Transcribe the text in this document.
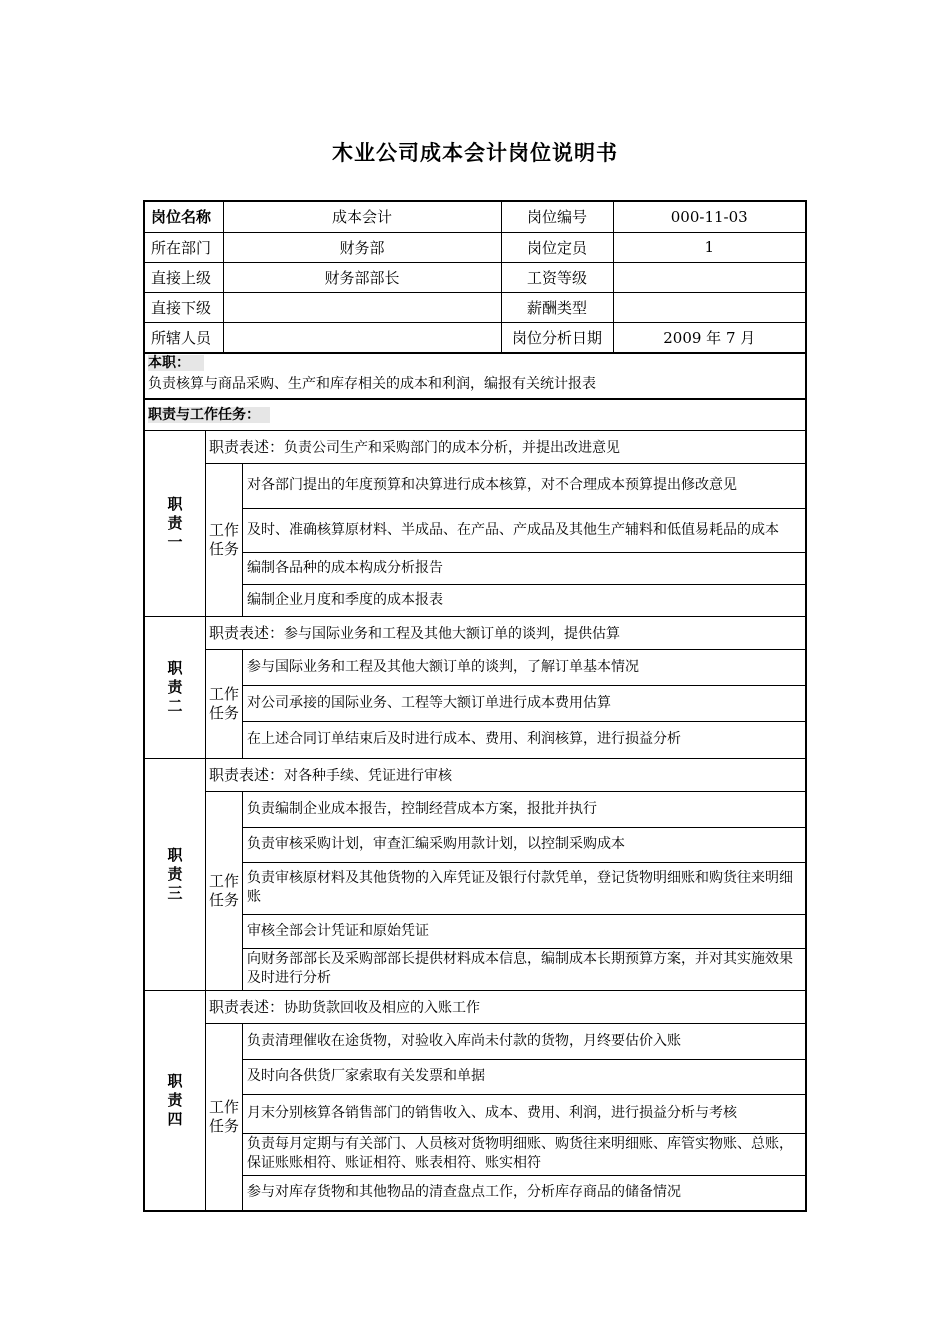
木业公司成本会计岗位说明书
岗位名称	成本会计	岗位编号	000-11-03
所在部门	财务部	岗位定员	1
直接上级	财务部部长	工资等级	
直接下级		薪酬类型	
所辖人员		岗位分析日期	2009 年 7 月
本职：
负责核算与商品采购、生产和库存相关的成本和利润，编报有关统计报表
职责与工作任务：
职责一
职责表述：负责公司生产和采购部门的成本分析，并提出改进意见
工作任务
对各部门提出的年度预算和决算进行成本核算，对不合理成本预算提出修改意见
及时、准确核算原材料、半成品、在产品、产成品及其他生产辅料和低值易耗品的成本
编制各品种的成本构成分析报告
编制企业月度和季度的成本报表
职责二
职责表述：参与国际业务和工程及其他大额订单的谈判，提供估算
工作任务
参与国际业务和工程及其他大额订单的谈判，了解订单基本情况
对公司承接的国际业务、工程等大额订单进行成本费用估算
在上述合同订单结束后及时进行成本、费用、利润核算，进行损益分析
职责三
职责表述：对各种手续、凭证进行审核
工作任务
负责编制企业成本报告，控制经营成本方案，报批并执行
负责审核采购计划，审查汇编采购用款计划，以控制采购成本
负责审核原材料及其他货物的入库凭证及银行付款凭单，登记货物明细账和购货往来明细账
审核全部会计凭证和原始凭证
向财务部部长及采购部部长提供材料成本信息，编制成本长期预算方案，并对其实施效果及时进行分析
职责四
职责表述：协助货款回收及相应的入账工作
工作任务
负责清理催收在途货物，对验收入库尚未付款的货物，月终要估价入账
及时向各供货厂家索取有关发票和单据
月末分别核算各销售部门的销售收入、成本、费用、利润，进行损益分析与考核
负责每月定期与有关部门、人员核对货物明细账、购货往来明细账、库管实物账、总账，保证账账相符、账证相符、账表相符、账实相符
参与对库存货物和其他物品的清查盘点工作，分析库存商品的储备情况
